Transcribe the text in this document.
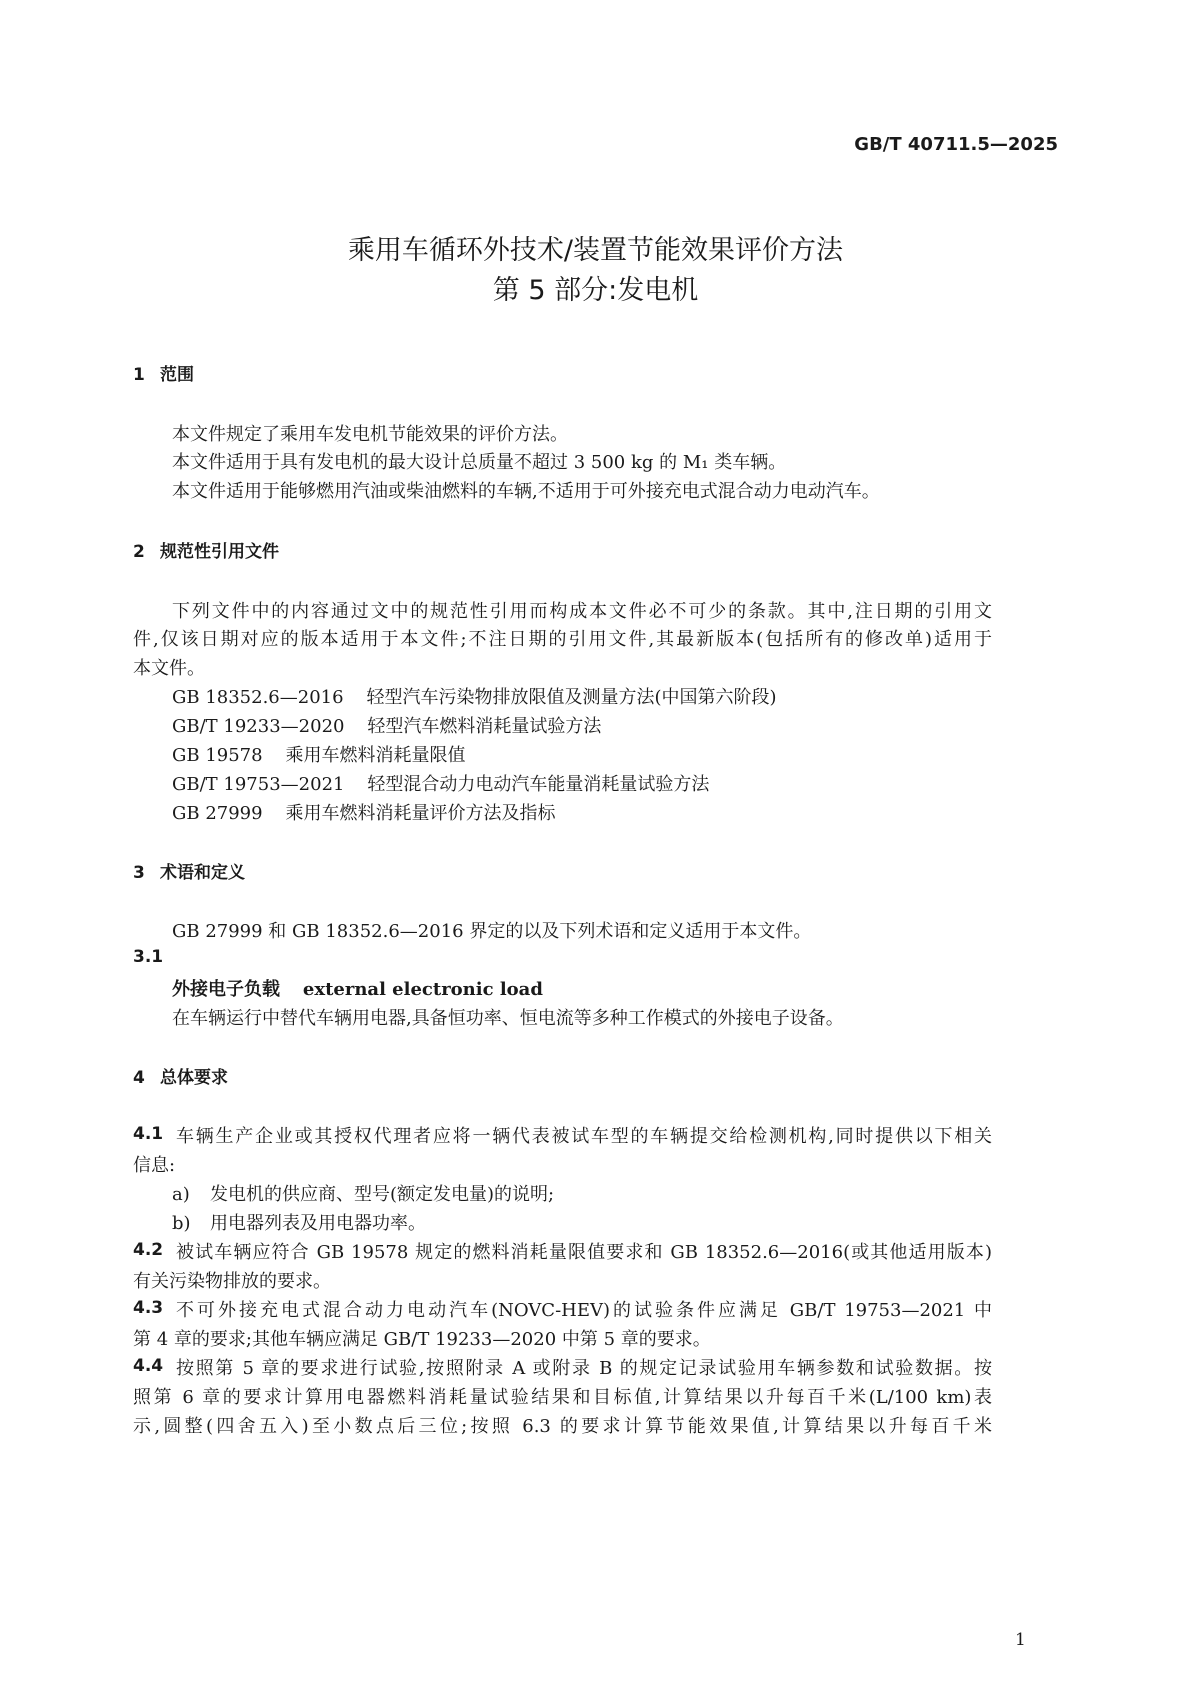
GB/T 40711.5—2025
乘用车循环外技术/装置节能效果评价方法
第 5 部分:发电机
1 范围
本文件规定了乘用车发电机节能效果的评价方法。
本文件适用于具有发电机的最大设计总质量不超过 3 500 kg 的 M₁ 类车辆。
本文件适用于能够燃用汽油或柴油燃料的车辆,不适用于可外接充电式混合动力电动汽车。
2 规范性引用文件
下列文件中的内容通过文中的规范性引用而构成本文件必不可少的条款。其中,注日期的引用文
件,仅该日期对应的版本适用于本文件;不注日期的引用文件,其最新版本(包括所有的修改单)适用于
本文件。
GB 18352.6—2016 轻型汽车污染物排放限值及测量方法(中国第六阶段)
GB/T 19233—2020 轻型汽车燃料消耗量试验方法
GB 19578 乘用车燃料消耗量限值
GB/T 19753—2021 轻型混合动力电动汽车能量消耗量试验方法
GB 27999 乘用车燃料消耗量评价方法及指标
3 术语和定义
GB 27999 和 GB 18352.6—2016 界定的以及下列术语和定义适用于本文件。
3.1
外接电子负载 external electronic load
在车辆运行中替代车辆用电器,具备恒功率、恒电流等多种工作模式的外接电子设备。
4 总体要求
4.1 车辆生产企业或其授权代理者应将一辆代表被试车型的车辆提交给检测机构,同时提供以下相关
信息:
a) 发电机的供应商、型号(额定发电量)的说明;
b) 用电器列表及用电器功率。
4.2 被试车辆应符合 GB 19578 规定的燃料消耗量限值要求和 GB 18352.6—2016(或其他适用版本)
有关污染物排放的要求。
4.3 不可外接充电式混合动力电动汽车(NOVC-HEV)的试验条件应满足 GB/T 19753—2021 中
第 4 章的要求;其他车辆应满足 GB/T 19233—2020 中第 5 章的要求。
4.4 按照第 5 章的要求进行试验,按照附录 A 或附录 B 的规定记录试验用车辆参数和试验数据。按
照第 6 章的要求计算用电器燃料消耗量试验结果和目标值,计算结果以升每百千米(L/100 km)表
示,圆整(四舍五入)至小数点后三位;按照 6.3 的要求计算节能效果值,计算结果以升每百千米
1
